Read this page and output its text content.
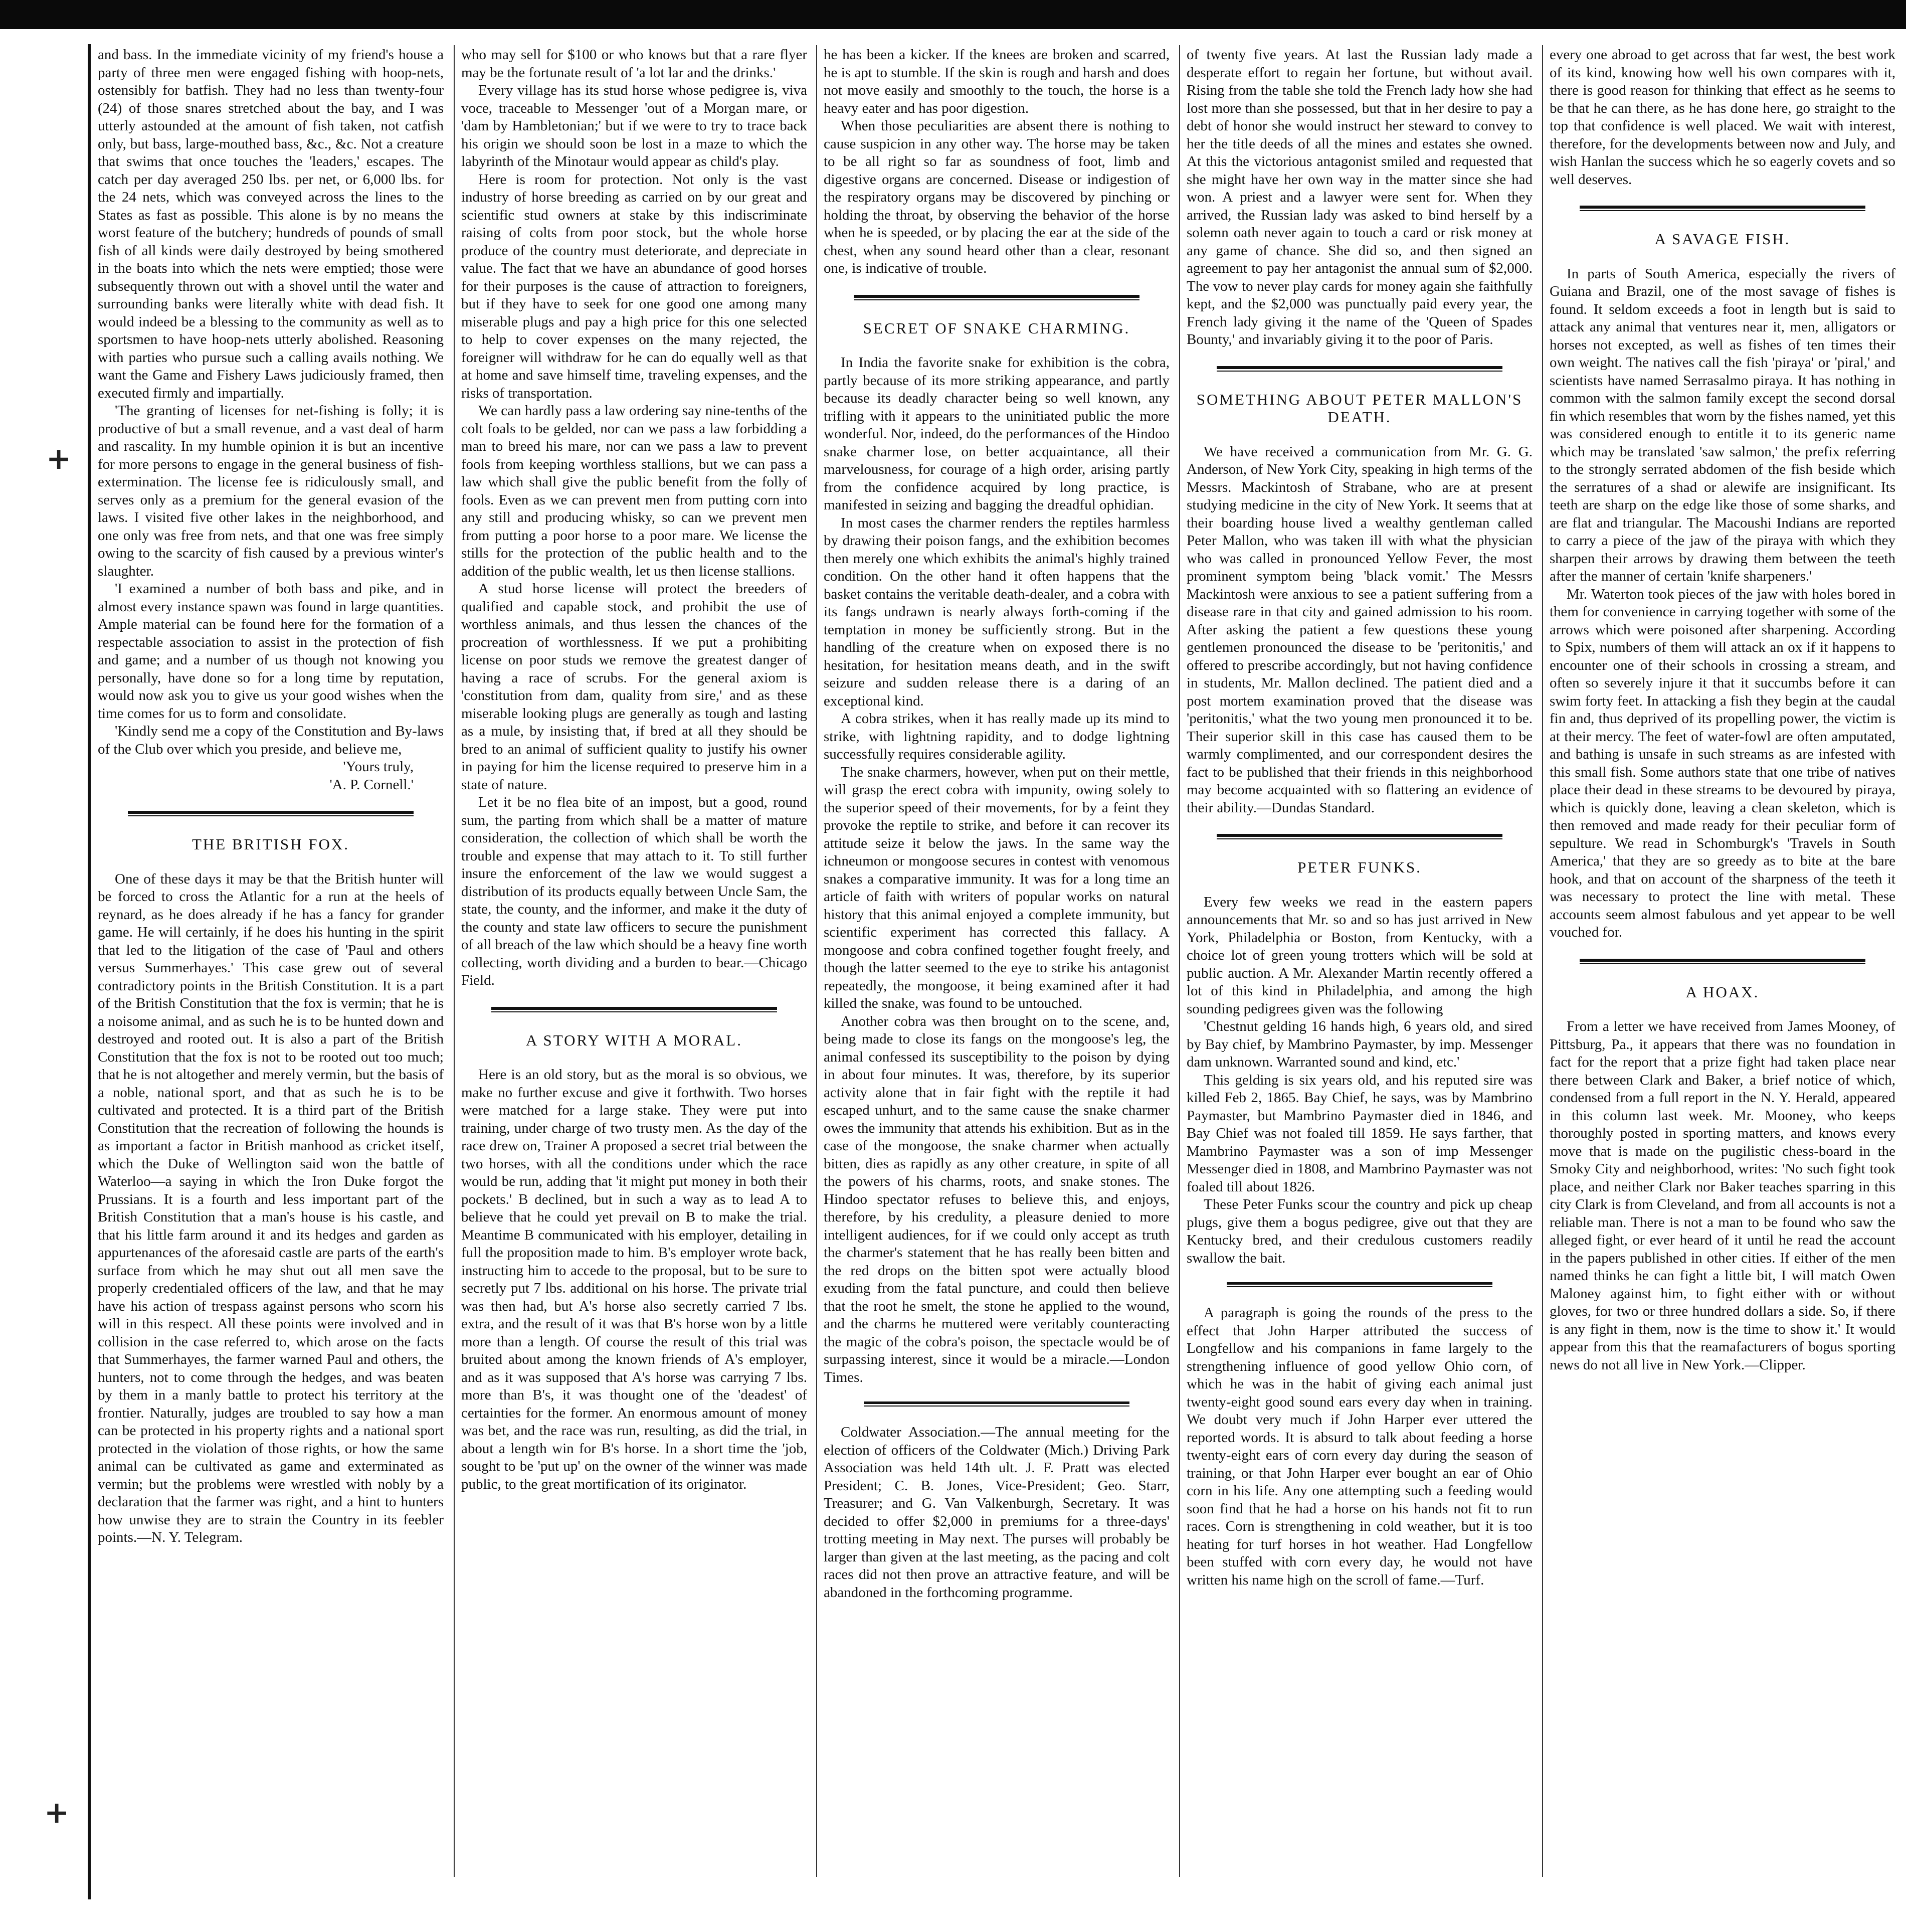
+
+

and bass. In the immediate vicinity of my friend's house a party of three men were engaged fishing with hoop-nets, ostensibly for batfish. They had no less than twenty-four (24) of those snares stretched about the bay, and I was utterly astounded at the amount of fish taken, not catfish only, but bass, large-mouthed bass, &c., &c. Not a creature that swims that once touches the 'leaders,' escapes. The catch per day averaged 250 lbs. per net, or 6,000 lbs. for the 24 nets, which was conveyed across the lines to the States as fast as possible. This alone is by no means the worst feature of the butchery; hundreds of pounds of small fish of all kinds were daily destroyed by being smothered in the boats into which the nets were emptied; those were subsequently thrown out with a shovel until the water and surrounding banks were literally white with dead fish. It would indeed be a blessing to the community as well as to sportsmen to have hoop-nets utterly abolished. Reasoning with parties who pursue such a calling avails nothing. We want the Game and Fishery Laws judiciously framed, then executed firmly and impartially.

'The granting of licenses for net-fishing is folly; it is productive of but a small revenue, and a vast deal of harm and rascality. In my humble opinion it is but an incentive for more persons to engage in the general business of fish-extermination. The license fee is ridiculously small, and serves only as a premium for the general evasion of the laws. I visited five other lakes in the neighborhood, and one only was free from nets, and that one was free simply owing to the scarcity of fish caused by a previous winter's slaughter.

'I examined a number of both bass and pike, and in almost every instance spawn was found in large quantities. Ample material can be found here for the formation of a respectable association to assist in the protection of fish and game; and a number of us though not knowing you personally, have done so for a long time by reputation, would now ask you to give us your good wishes when the time comes for us to form and consolidate.

'Kindly send me a copy of the Constitution and By-laws of the Club over which you preside, and believe me,

'Yours truly,

'A. P. Cornell.'

THE BRITISH FOX.

One of these days it may be that the British hunter will be forced to cross the Atlantic for a run at the heels of reynard, as he does already if he has a fancy for grander game. He will certainly, if he does his hunting in the spirit that led to the litigation of the case of 'Paul and others versus Summerhayes.' This case grew out of several contradictory points in the British Constitution. It is a part of the British Constitution that the fox is vermin; that he is a noisome animal, and as such he is to be hunted down and destroyed and rooted out. It is also a part of the British Constitution that the fox is not to be rooted out too much; that he is not altogether and merely vermin, but the basis of a noble, national sport, and that as such he is to be cultivated and protected. It is a third part of the British Constitution that the recreation of following the hounds is as important a factor in British manhood as cricket itself, which the Duke of Wellington said won the battle of Waterloo—a saying in which the Iron Duke forgot the Prussians. It is a fourth and less important part of the British Constitution that a man's house is his castle, and that his little farm around it and its hedges and garden as appurtenances of the aforesaid castle are parts of the earth's surface from which he may shut out all men save the properly credentialed officers of the law, and that he may have his action of trespass against persons who scorn his will in this respect. All these points were involved and in collision in the case referred to, which arose on the facts that Summerhayes, the farmer warned Paul and others, the hunters, not to come through the hedges, and was beaten by them in a manly battle to protect his territory at the frontier. Naturally, judges are troubled to say how a man can be protected in his property rights and a national sport protected in the violation of those rights, or how the same animal can be cultivated as game and exterminated as vermin; but the problems were wrestled with nobly by a declaration that the farmer was right, and a hint to hunters how unwise they are to strain the Country in its feebler points.—N. Y. Telegram.

who may sell for $100 or who knows but that a rare flyer may be the fortunate result of 'a lot lar and the drinks.'

Every village has its stud horse whose pedigree is, viva voce, traceable to Messenger 'out of a Morgan mare, or 'dam by Hambletonian;' but if we were to try to trace back his origin we should soon be lost in a maze to which the labyrinth of the Minotaur would appear as child's play.

Here is room for protection. Not only is the vast industry of horse breeding as carried on by our great and scientific stud owners at stake by this indiscriminate raising of colts from poor stock, but the whole horse produce of the country must deteriorate, and depreciate in value. The fact that we have an abundance of good horses for their purposes is the cause of attraction to foreigners, but if they have to seek for one good one among many miserable plugs and pay a high price for this one selected to help to cover expenses on the many rejected, the foreigner will withdraw for he can do equally well as that at home and save himself time, traveling expenses, and the risks of transportation.

We can hardly pass a law ordering say nine-tenths of the colt foals to be gelded, nor can we pass a law forbidding a man to breed his mare, nor can we pass a law to prevent fools from keeping worthless stallions, but we can pass a law which shall give the public benefit from the folly of fools. Even as we can prevent men from putting corn into any still and producing whisky, so can we prevent men from putting a poor horse to a poor mare. We license the stills for the protection of the public health and to the addition of the public wealth, let us then license stallions.

A stud horse license will protect the breeders of qualified and capable stock, and prohibit the use of worthless animals, and thus lessen the chances of the procreation of worthlessness. If we put a prohibiting license on poor studs we remove the greatest danger of having a race of scrubs. For the general axiom is 'constitution from dam, quality from sire,' and as these miserable looking plugs are generally as tough and lasting as a mule, by insisting that, if bred at all they should be bred to an animal of sufficient quality to justify his owner in paying for him the license required to preserve him in a state of nature.

Let it be no flea bite of an impost, but a good, round sum, the parting from which shall be a matter of mature consideration, the collection of which shall be worth the trouble and expense that may attach to it. To still further insure the enforcement of the law we would suggest a distribution of its products equally between Uncle Sam, the state, the county, and the informer, and make it the duty of the county and state law officers to secure the punishment of all breach of the law which should be a heavy fine worth collecting, worth dividing and a burden to bear.—Chicago Field.

A STORY WITH A MORAL.

Here is an old story, but as the moral is so obvious, we make no further excuse and give it forthwith. Two horses were matched for a large stake. They were put into training, under charge of two trusty men. As the day of the race drew on, Trainer A proposed a secret trial between the two horses, with all the conditions under which the race would be run, adding that 'it might put money in both their pockets.' B declined, but in such a way as to lead A to believe that he could yet prevail on B to make the trial. Meantime B communicated with his employer, detailing in full the proposition made to him. B's employer wrote back, instructing him to accede to the proposal, but to be sure to secretly put 7 lbs. additional on his horse. The private trial was then had, but A's horse also secretly carried 7 lbs. extra, and the result of it was that B's horse won by a little more than a length. Of course the result of this trial was bruited about among the known friends of A's employer, and as it was supposed that A's horse was carrying 7 lbs. more than B's, it was thought one of the 'deadest' of certainties for the former. An enormous amount of money was bet, and the race was run, resulting, as did the trial, in about a length win for B's horse. In a short time the 'job, sought to be 'put up' on the owner of the winner was made public, to the great mortification of its originator.

he has been a kicker. If the knees are broken and scarred, he is apt to stumble. If the skin is rough and harsh and does not move easily and smoothly to the touch, the horse is a heavy eater and has poor digestion.

When those peculiarities are absent there is nothing to cause suspicion in any other way. The horse may be taken to be all right so far as soundness of foot, limb and digestive organs are concerned. Disease or indigestion of the respiratory organs may be discovered by pinching or holding the throat, by observing the behavior of the horse when he is speeded, or by placing the ear at the side of the chest, when any sound heard other than a clear, resonant one, is indicative of trouble.

SECRET OF SNAKE CHARMING.

In India the favorite snake for exhibition is the cobra, partly because of its more striking appearance, and partly because its deadly character being so well known, any trifling with it appears to the uninitiated public the more wonderful. Nor, indeed, do the performances of the Hindoo snake charmer lose, on better acquaintance, all their marvelousness, for courage of a high order, arising partly from the confidence acquired by long practice, is manifested in seizing and bagging the dreadful ophidian.

In most cases the charmer renders the reptiles harmless by drawing their poison fangs, and the exhibition becomes then merely one which exhibits the animal's highly trained condition. On the other hand it often happens that the basket contains the veritable death-dealer, and a cobra with its fangs undrawn is nearly always forth-coming if the temptation in money be sufficiently strong. But in the handling of the creature when on exposed there is no hesitation, for hesitation means death, and in the swift seizure and sudden release there is a daring of an exceptional kind.

A cobra strikes, when it has really made up its mind to strike, with lightning rapidity, and to dodge lightning successfully requires considerable agility.

The snake charmers, however, when put on their mettle, will grasp the erect cobra with impunity, owing solely to the superior speed of their movements, for by a feint they provoke the reptile to strike, and before it can recover its attitude seize it below the jaws. In the same way the ichneumon or mongoose secures in contest with venomous snakes a comparative immunity. It was for a long time an article of faith with writers of popular works on natural history that this animal enjoyed a complete immunity, but scientific experiment has corrected this fallacy. A mongoose and cobra confined together fought freely, and though the latter seemed to the eye to strike his antagonist repeatedly, the mongoose, it being examined after it had killed the snake, was found to be untouched.

Another cobra was then brought on to the scene, and, being made to close its fangs on the mongoose's leg, the animal confessed its susceptibility to the poison by dying in about four minutes. It was, therefore, by its superior activity alone that in fair fight with the reptile it had escaped unhurt, and to the same cause the snake charmer owes the immunity that attends his exhibition. But as in the case of the mongoose, the snake charmer when actually bitten, dies as rapidly as any other creature, in spite of all the powers of his charms, roots, and snake stones. The Hindoo spectator refuses to believe this, and enjoys, therefore, by his credulity, a pleasure denied to more intelligent audiences, for if we could only accept as truth the charmer's statement that he has really been bitten and the red drops on the bitten spot were actually blood exuding from the fatal puncture, and could then believe that the root he smelt, the stone he applied to the wound, and the charms he muttered were veritably counteracting the magic of the cobra's poison, the spectacle would be of surpassing interest, since it would be a miracle.—London Times.

Coldwater Association.—The annual meeting for the election of officers of the Coldwater (Mich.) Driving Park Association was held 14th ult. J. F. Pratt was elected President; C. B. Jones, Vice-President; Geo. Starr, Treasurer; and G. Van Valkenburgh, Secretary. It was decided to offer $2,000 in premiums for a three-days' trotting meeting in May next. The purses will probably be larger than given at the last meeting, as the pacing and colt races did not then prove an attractive feature, and will be abandoned in the forthcoming programme.

of twenty five years. At last the Russian lady made a desperate effort to regain her fortune, but without avail. Rising from the table she told the French lady how she had lost more than she possessed, but that in her desire to pay a debt of honor she would instruct her steward to convey to her the title deeds of all the mines and estates she owned. At this the victorious antagonist smiled and requested that she might have her own way in the matter since she had won. A priest and a lawyer were sent for. When they arrived, the Russian lady was asked to bind herself by a solemn oath never again to touch a card or risk money at any game of chance. She did so, and then signed an agreement to pay her antagonist the annual sum of $2,000. The vow to never play cards for money again she faithfully kept, and the $2,000 was punctually paid every year, the French lady giving it the name of the 'Queen of Spades Bounty,' and invariably giving it to the poor of Paris.

SOMETHING ABOUT PETER MALLON'S DEATH.

We have received a communication from Mr. G. G. Anderson, of New York City, speaking in high terms of the Messrs. Mackintosh of Strabane, who are at present studying medicine in the city of New York. It seems that at their boarding house lived a wealthy gentleman called Peter Mallon, who was taken ill with what the physician who was called in pronounced Yellow Fever, the most prominent symptom being 'black vomit.' The Messrs Mackintosh were anxious to see a patient suffering from a disease rare in that city and gained admission to his room. After asking the patient a few questions these young gentlemen pronounced the disease to be 'peritonitis,' and offered to prescribe accordingly, but not having confidence in students, Mr. Mallon declined. The patient died and a post mortem examination proved that the disease was 'peritonitis,' what the two young men pronounced it to be. Their superior skill in this case has caused them to be warmly complimented, and our correspondent desires the fact to be published that their friends in this neighborhood may become acquainted with so flattering an evidence of their ability.—Dundas Standard.

PETER FUNKS.

Every few weeks we read in the eastern papers announcements that Mr. so and so has just arrived in New York, Philadelphia or Boston, from Kentucky, with a choice lot of green young trotters which will be sold at public auction. A Mr. Alexander Martin recently offered a lot of this kind in Philadelphia, and among the high sounding pedigrees given was the following

'Chestnut gelding 16 hands high, 6 years old, and sired by Bay chief, by Mambrino Paymaster, by imp. Messenger dam unknown. Warranted sound and kind, etc.'

This gelding is six years old, and his reputed sire was killed Feb 2, 1865. Bay Chief, he says, was by Mambrino Paymaster, but Mambrino Paymaster died in 1846, and Bay Chief was not foaled till 1859. He says farther, that Mambrino Paymaster was a son of imp Messenger Messenger died in 1808, and Mambrino Paymaster was not foaled till about 1826.

These Peter Funks scour the country and pick up cheap plugs, give them a bogus pedigree, give out that they are Kentucky bred, and their credulous customers readily swallow the bait.

A paragraph is going the rounds of the press to the effect that John Harper attributed the success of Longfellow and his companions in fame largely to the strengthening influence of good yellow Ohio corn, of which he was in the habit of giving each animal just twenty-eight good sound ears every day when in training. We doubt very much if John Harper ever uttered the reported words. It is absurd to talk about feeding a horse twenty-eight ears of corn every day during the season of training, or that John Harper ever bought an ear of Ohio corn in his life. Any one attempting such a feeding would soon find that he had a horse on his hands not fit to run races. Corn is strengthening in cold weather, but it is too heating for turf horses in hot weather. Had Longfellow been stuffed with corn every day, he would not have written his name high on the scroll of fame.—Turf.

every one abroad to get across that far west, the best work of its kind, knowing how well his own compares with it, there is good reason for thinking that effect as he seems to be that he can there, as he has done here, go straight to the top that confidence is well placed. We wait with interest, therefore, for the developments between now and July, and wish Hanlan the success which he so eagerly covets and so well deserves.

A SAVAGE FISH.

In parts of South America, especially the rivers of Guiana and Brazil, one of the most savage of fishes is found. It seldom exceeds a foot in length but is said to attack any animal that ventures near it, men, alligators or horses not excepted, as well as fishes of ten times their own weight. The natives call the fish 'piraya' or 'piral,' and scientists have named Serrasalmo piraya. It has nothing in common with the salmon family except the second dorsal fin which resembles that worn by the fishes named, yet this was considered enough to entitle it to its generic name which may be translated 'saw salmon,' the prefix referring to the strongly serrated abdomen of the fish beside which the serratures of a shad or alewife are insignificant. Its teeth are sharp on the edge like those of some sharks, and are flat and triangular. The Macoushi Indians are reported to carry a piece of the jaw of the piraya with which they sharpen their arrows by drawing them between the teeth after the manner of certain 'knife sharpeners.'

Mr. Waterton took pieces of the jaw with holes bored in them for convenience in carrying together with some of the arrows which were poisoned after sharpening. According to Spix, numbers of them will attack an ox if it happens to encounter one of their schools in crossing a stream, and often so severely injure it that it succumbs before it can swim forty feet. In attacking a fish they begin at the caudal fin and, thus deprived of its propelling power, the victim is at their mercy. The feet of water-fowl are often amputated, and bathing is unsafe in such streams as are infested with this small fish. Some authors state that one tribe of natives place their dead in these streams to be devoured by piraya, which is quickly done, leaving a clean skeleton, which is then removed and made ready for their peculiar form of sepulture. We read in Schomburgk's 'Travels in South America,' that they are so greedy as to bite at the bare hook, and that on account of the sharpness of the teeth it was necessary to protect the line with metal. These accounts seem almost fabulous and yet appear to be well vouched for.

A HOAX.

From a letter we have received from James Mooney, of Pittsburg, Pa., it appears that there was no foundation in fact for the report that a prize fight had taken place near there between Clark and Baker, a brief notice of which, condensed from a full report in the N. Y. Herald, appeared in this column last week. Mr. Mooney, who keeps thoroughly posted in sporting matters, and knows every move that is made on the pugilistic chess-board in the Smoky City and neighborhood, writes: 'No such fight took place, and neither Clark nor Baker teaches sparring in this city Clark is from Cleveland, and from all accounts is not a reliable man. There is not a man to be found who saw the alleged fight, or ever heard of it until he read the account in the papers published in other cities. If either of the men named thinks he can fight a little bit, I will match Owen Maloney against him, to fight either with or without gloves, for two or three hundred dollars a side. So, if there is any fight in them, now is the time to show it.' It would appear from this that the reamafacturers of bogus sporting news do not all live in New York.—Clipper.
